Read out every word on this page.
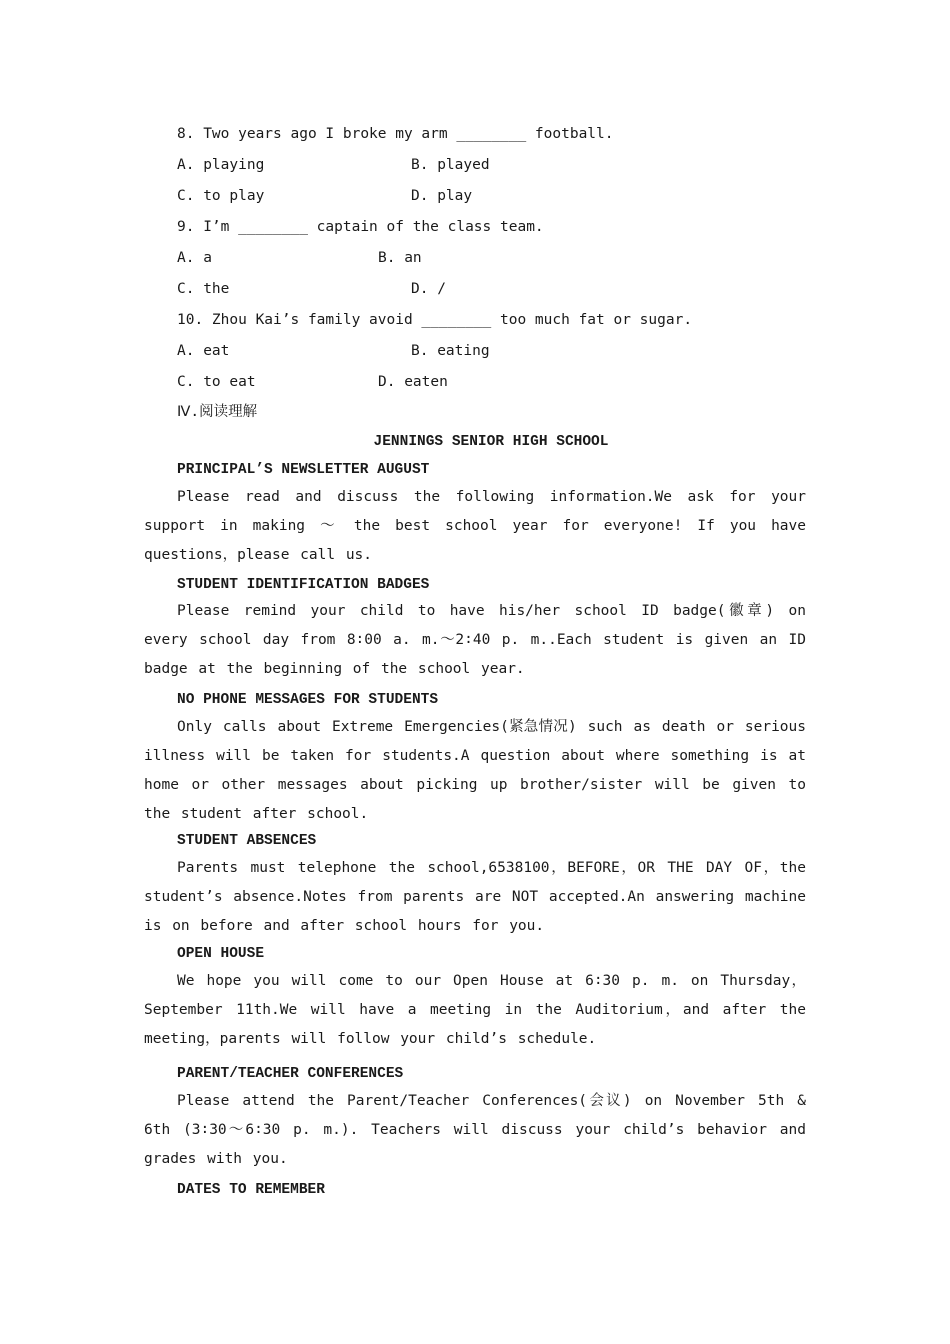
8. Two years ago I broke my arm ________ football.
A. playing	B. played
C. to play	D. play
9. I’m ________ captain of the class team.
A. a	B. an
C. the	D. /
10. Zhou Kai’s family avoid ________ too much fat or sugar.
A. eat	B. eating
C. to eat	D. eaten
Ⅳ.阅读理解
JENNINGS SENIOR HIGH SCHOOL
PRINCIPAL’S NEWSLETTER AUGUST
Please read and discuss the following information.We ask for your support in making ～ the best school year for everyone! If you have questions，please call us.
STUDENT IDENTIFICATION BADGES
Please remind your child to have his/her school ID badge(徽章) on every school day from 8∶00 a. m.～2∶40 p. m..Each student is given an ID badge at the beginning of the school year.
NO PHONE MESSAGES FOR STUDENTS
Only calls about Extreme Emergencies(紧急情况) such as death or serious illness will be taken for students.A question about where something is at home or other messages about picking up brother/sister will be given to the student after school.
STUDENT ABSENCES
Parents must telephone the school,6538100，BEFORE，OR THE DAY OF，the student’s absence.Notes from parents are NOT accepted.An answering machine is on before and after school hours for you.
OPEN HOUSE
We hope you will come to our Open House at 6∶30 p. m. on Thursday，September 11th.We will have a meeting in the Auditorium，and after the meeting，parents will follow your child’s schedule.
PARENT/TEACHER CONFERENCES
Please attend the Parent/Teacher Conferences(会议) on November 5th & 6th (3∶30～6∶30 p. m.). Teachers will discuss your child’s behavior and grades with you.
DATES TO REMEMBER
